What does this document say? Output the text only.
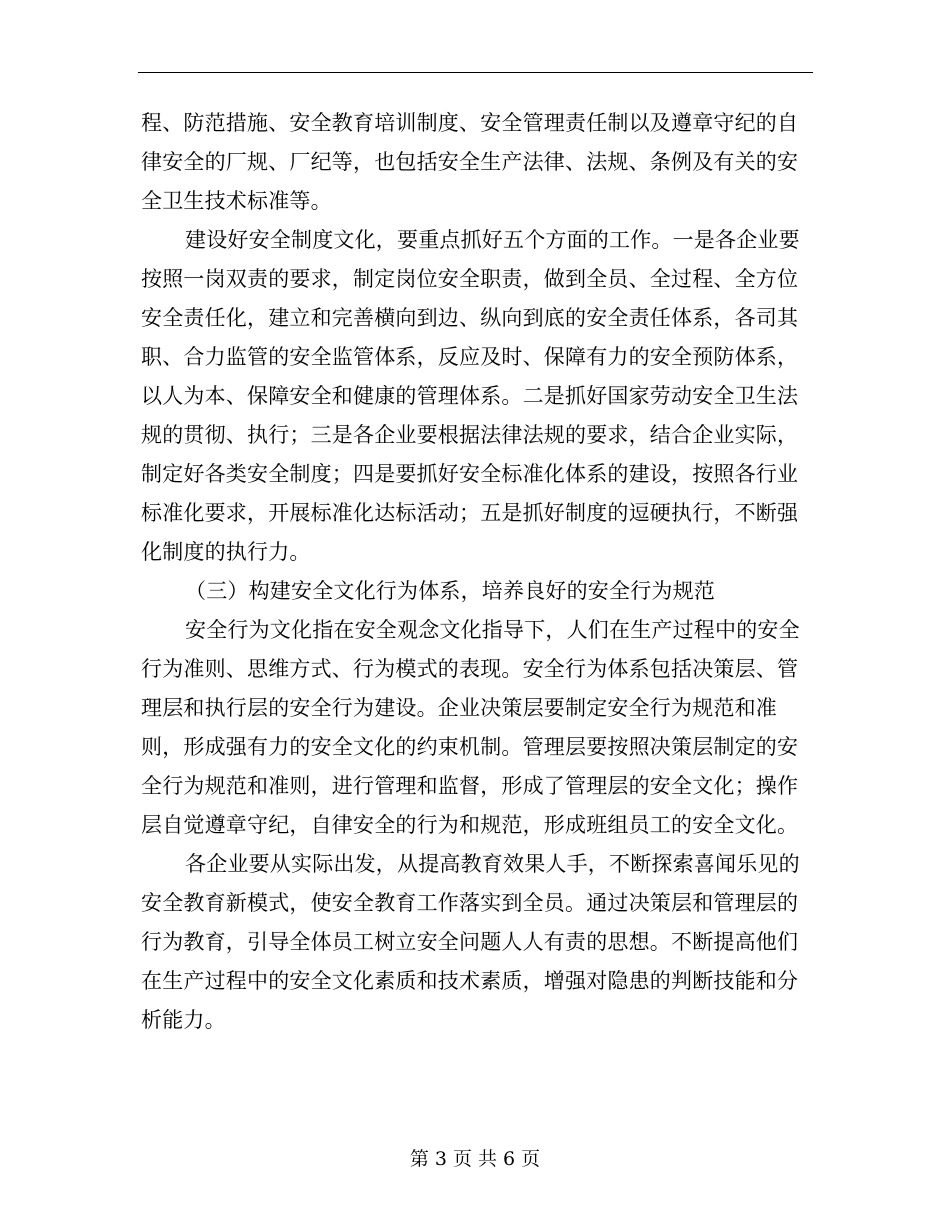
程、防范措施、安全教育培训制度、安全管理责任制以及遵章守纪的自
律安全的厂规、厂纪等，也包括安全生产法律、法规、条例及有关的安
全卫生技术标准等。
建设好安全制度文化，要重点抓好五个方面的工作。一是各企业要
按照一岗双责的要求，制定岗位安全职责，做到全员、全过程、全方位
安全责任化，建立和完善横向到边、纵向到底的安全责任体系，各司其
职、合力监管的安全监管体系，反应及时、保障有力的安全预防体系，
以人为本、保障安全和健康的管理体系。二是抓好国家劳动安全卫生法
规的贯彻、执行；三是各企业要根据法律法规的要求，结合企业实际，
制定好各类安全制度；四是要抓好安全标准化体系的建设，按照各行业
标准化要求，开展标准化达标活动；五是抓好制度的逗硬执行，不断强
化制度的执行力。
（三）构建安全文化行为体系，培养良好的安全行为规范
安全行为文化指在安全观念文化指导下，人们在生产过程中的安全
行为准则、思维方式、行为模式的表现。安全行为体系包括决策层、管
理层和执行层的安全行为建设。企业决策层要制定安全行为规范和准
则，形成强有力的安全文化的约束机制。管理层要按照决策层制定的安
全行为规范和准则，进行管理和监督，形成了管理层的安全文化；操作
层自觉遵章守纪，自律安全的行为和规范，形成班组员工的安全文化。
各企业要从实际出发，从提高教育效果人手，不断探索喜闻乐见的
安全教育新模式，使安全教育工作落实到全员。通过决策层和管理层的
行为教育，引导全体员工树立安全问题人人有责的思想。不断提高他们
在生产过程中的安全文化素质和技术素质，增强对隐患的判断技能和分
析能力。
第 3 页 共 6 页
